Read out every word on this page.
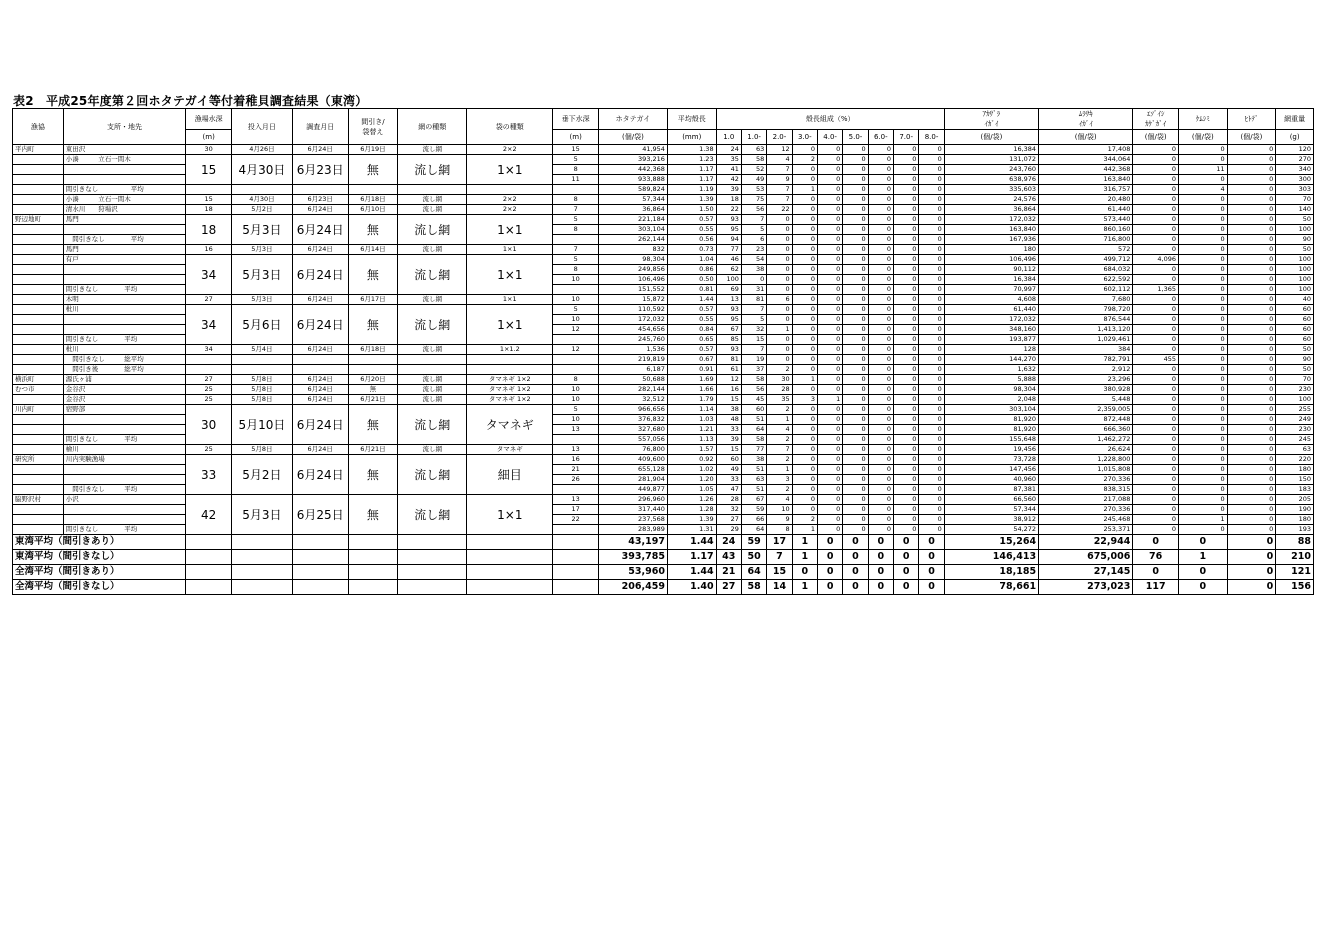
表2　平成25年度第２回ホタテガイ等付着稚貝調査結果（東湾）
漁協	支所・地先	漁場水深	投入月日	調査月日	間引き/
袋替え	網の種類	袋の種類	垂下水深	ホタテガイ	平均殻長	殻長組成（%）									ｱｶｻﾞﾗ
ｲｶﾞｲ	ﾑﾗｻｷ
ｲｶﾞｲ	ｴｿﾞｲｼ
ｶｹﾞｶﾞｲ	ｹﾑｼﾐ	ﾋﾄﾃﾞ	網重量
		(m)						(m)	(個/袋)	(mm)	1.0	1.0-	2.0-	3.0-	4.0-	5.0-	6.0-	7.0-	8.0-	(個/袋)	(個/袋)	(個/袋)	(個/袋)	(個/袋)	(g)
平内町	東田沢	30	4月26日	6月24日	6月19日	流し網	2×2	15	41,954	1.38	24	63	12	0	0	0	0	0	0	16,384	17,408	0	0	0	120
	小湊　　　立石一間木	15	4月30日	6月23日	無	流し網	1×1	5	393,216	1.23	35	58	4	2	0	0	0	0	0	131,072	344,064	0	0	0	270
								8	442,368	1.17	41	52	7	0	0	0	0	0	0	243,760	442,368	0	11	0	340
								11	933,888	1.17	42	49	9	0	0	0	0	0	0	638,976	163,840	0	0	0	300
	間引きなし　　　　　平均								589,824	1.19	39	53	7	1	0	0	0	0	0	335,603	316,757	0	4	0	303
	小湊　　　立石一間木	15	4月30日	6月23日	6月18日	流し網	2×2	8	57,344	1.39	18	75	7	0	0	0	0	0	0	24,576	20,480	0	0	0	70
	清水川　　狩場沢	18	5月2日	6月24日	6月10日	流し網	2×2	7	36,864	1.50	22	56	22	0	0	0	0	0	0	36,864	61,440	0	0	0	140
野辺地町	馬門	18	5月3日	6月24日	無	流し網	1×1	5	221,184	0.57	93	7	0	0	0	0	0	0	0	172,032	573,440	0	0	0	50
								8	303,104	0.55	95	5	0	0	0	0	0	0	0	163,840	860,160	0	0	0	100
	　間引きなし　　　　平均								262,144	0.56	94	6	0	0	0	0	0	0	0	167,936	716,800	0	0	0	90
	馬門	16	5月3日	6月24日	6月14日	流し網	1×1	7	832	0.73	77	23	0	0	0	0	0	0	0	180	572	0	0	0	50
	有戸	34	5月3日	6月24日	無	流し網	1×1	5	98,304	1.04	46	54	0	0	0	0	0	0	0	106,496	499,712	4,096	0	0	100
								8	249,856	0.86	62	38	0	0	0	0	0	0	0	90,112	684,032	0	0	0	100
								10	106,496	0.50	100	0	0	0	0	0	0	0	0	16,384	622,592	0	0	0	100
	間引きなし　　　　平均								151,552	0.81	69	31	0	0	0	0	0	0	0	70,997	602,112	1,365	0	0	100
	木明	27	5月3日	6月24日	6月17日	流し網	1×1	10	15,872	1.44	13	81	6	0	0	0	0	0	0	4,608	7,680	0	0	0	40
	枇川	34	5月6日	6月24日	無	流し網	1×1	5	110,592	0.57	93	7	0	0	0	0	0	0	0	61,440	798,720	0	0	0	60
								10	172,032	0.55	95	5	0	0	0	0	0	0	0	172,032	876,544	0	0	0	60
								12	454,656	0.84	67	32	1	0	0	0	0	0	0	348,160	1,413,120	0	0	0	60
	間引きなし　　　　平均								245,760	0.65	85	15	0	0	0	0	0	0	0	193,877	1,029,461	0	0	0	60
	枇川	34	5月4日	6月24日	6月18日	流し網	1×1.2	12	1,536	0.57	93	7	0	0	0	0	0	0	0	128	384	0	0	0	50
	　間引きなし　　　総平均								219,819	0.67	81	19	0	0	0	0	0	0	0	144,270	782,791	455	0	0	90
	　間引き後　　　　総平均								6,187	0.91	61	37	2	0	0	0	0	0	0	1,632	2,912	0	0	0	50
横浜町	源氏ヶ浦	27	5月8日	6月24日	6月20日	流し網	タマネギ 1×2	8	50,688	1.69	12	58	30	1	0	0	0	0	0	5,888	23,296	0	0	0	70
むつ市	金谷沢	25	5月8日	6月24日	無	流し網	タマネギ 1×2	10	282,144	1.66	16	56	28	0	0	0	0	0	0	98,304	380,928	0	0	0	230
	金谷沢	25	5月8日	6月24日	6月21日	流し網	タマネギ 1×2	10	32,512	1.79	15	45	35	3	1	0	0	0	0	2,048	5,448	0	0	0	100
川内町	宿野部	30	5月10日	6月24日	無	流し網	タマネギ	5	966,656	1.14	38	60	2	0	0	0	0	0	0	303,104	2,359,005	0	0	0	255
								10	376,832	1.03	48	51	1	0	0	0	0	0	0	81,920	872,448	0	0	0	249
								13	327,680	1.21	33	64	4	0	0	0	0	0	0	81,920	666,360	0	0	0	230
	間引きなし　　　　平均								557,056	1.13	39	58	2	0	0	0	0	0	0	155,648	1,462,272	0	0	0	245
	檜川	25	5月8日	6月24日	6月21日	流し網	タマネギ	13	76,800	1.57	15	77	7	0	0	0	0	0	0	19,456	26,624	0	0	0	63
研究所	川内実験漁場	33	5月2日	6月24日	無	流し網	細目	16	409,600	0.92	60	38	2	0	0	0	0	0	0	73,728	1,228,800	0	0	0	220
								21	655,128	1.02	49	51	1	0	0	0	0	0	0	147,456	1,015,808	0	0	0	180
								26	281,904	1.20	33	63	3	0	0	0	0	0	0	40,960	270,336	0	0	0	150
	　間引きなし　　　平均								449,877	1.05	47	51	2	0	0	0	0	0	0	87,381	838,315	0	0	0	183
脇野沢村	小沢	42	5月3日	6月25日	無	流し網	1×1	13	296,960	1.26	28	67	4	0	0	0	0	0	0	66,560	217,088	0	0	0	205
								17	317,440	1.28	32	59	10	0	0	0	0	0	0	57,344	270,336	0	0	0	190
								22	237,568	1.39	27	66	9	2	0	0	0	0	0	38,912	245,468	0	1	0	180
	間引きなし　　　　平均								283,989	1.31	29	64	8	1	0	0	0	0	0	54,272	253,371	0	0	0	193
東湾平均（間引きあり）									43,197	1.44	24	59	17	1	0	0	0	0	0	15,264	22,944	0	0	0	88
東湾平均（間引きなし）									393,785	1.17	43	50	7	1	0	0	0	0	0	146,413	675,006	76	1	0	210
全湾平均（間引きあり）									53,960	1.44	21	64	15	0	0	0	0	0	0	18,185	27,145	0	0	0	121
全湾平均（間引きなし）									206,459	1.40	27	58	14	1	0	0	0	0	0	78,661	273,023	117	0	0	156
